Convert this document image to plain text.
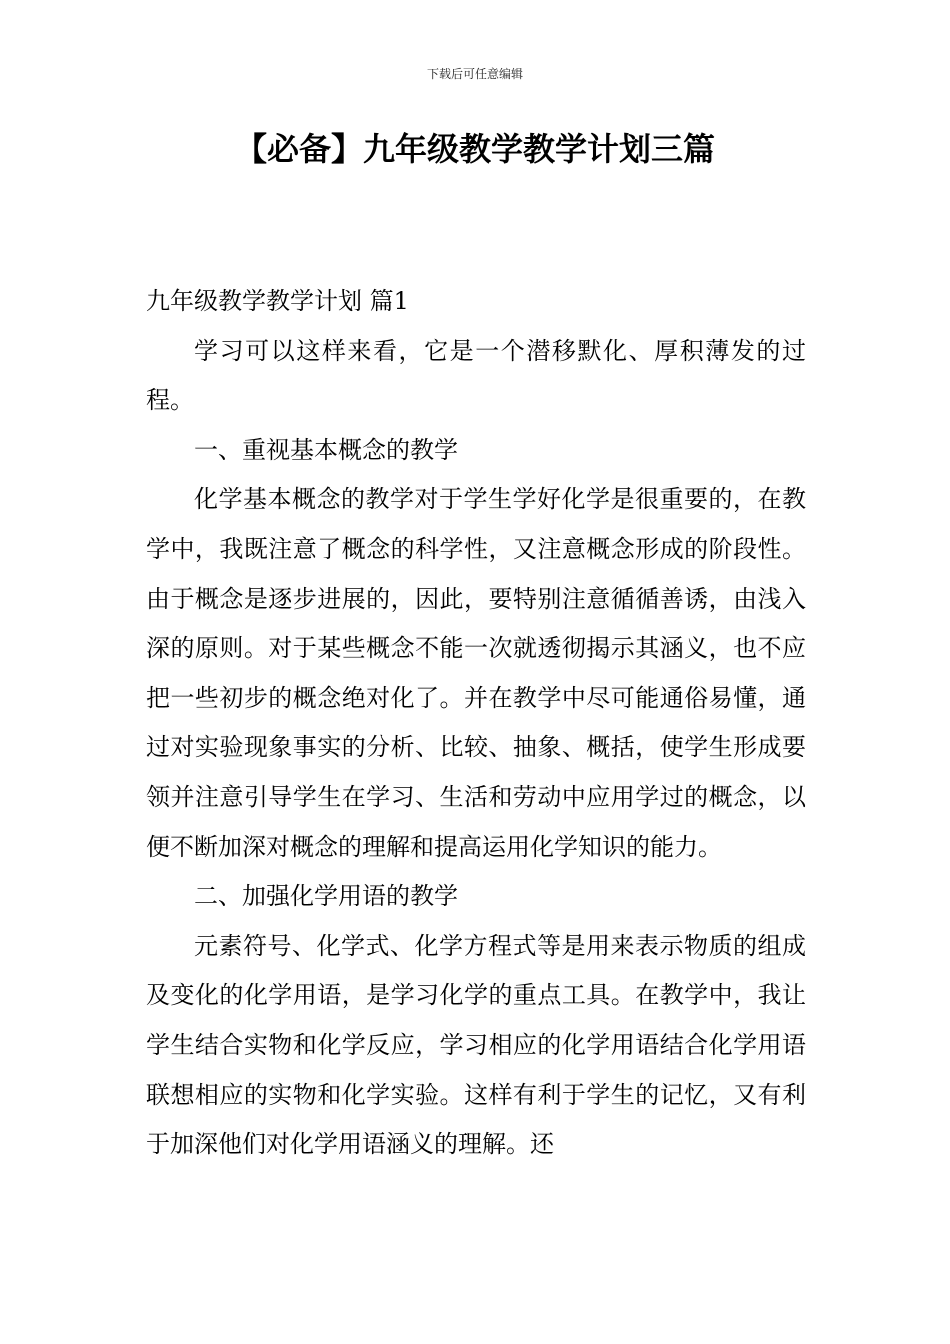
下载后可任意编辑
【必备】九年级教学教学计划三篇

九年级教学教学计划 篇1

学习可以这样来看，它是一个潜移默化、厚积薄发的过程。

一、重视基本概念的教学

化学基本概念的教学对于学生学好化学是很重要的，在教学中，我既注意了概念的科学性，又注意概念形成的阶段性。由于概念是逐步进展的，因此，要特别注意循循善诱，由浅入深的原则。对于某些概念不能一次就透彻揭示其涵义，也不应把一些初步的概念绝对化了。并在教学中尽可能通俗易懂，通过对实验现象事实的分析、比较、抽象、概括，使学生形成要领并注意引导学生在学习、生活和劳动中应用学过的概念，以便不断加深对概念的理解和提高运用化学知识的能力。

二、加强化学用语的教学

元素符号、化学式、化学方程式等是用来表示物质的组成及变化的化学用语，是学习化学的重点工具。在教学中，我让学生结合实物和化学反应，学习相应的化学用语结合化学用语联想相应的实物和化学实验。这样有利于学生的记忆，又有利于加深他们对化学用语涵义的理解。还
